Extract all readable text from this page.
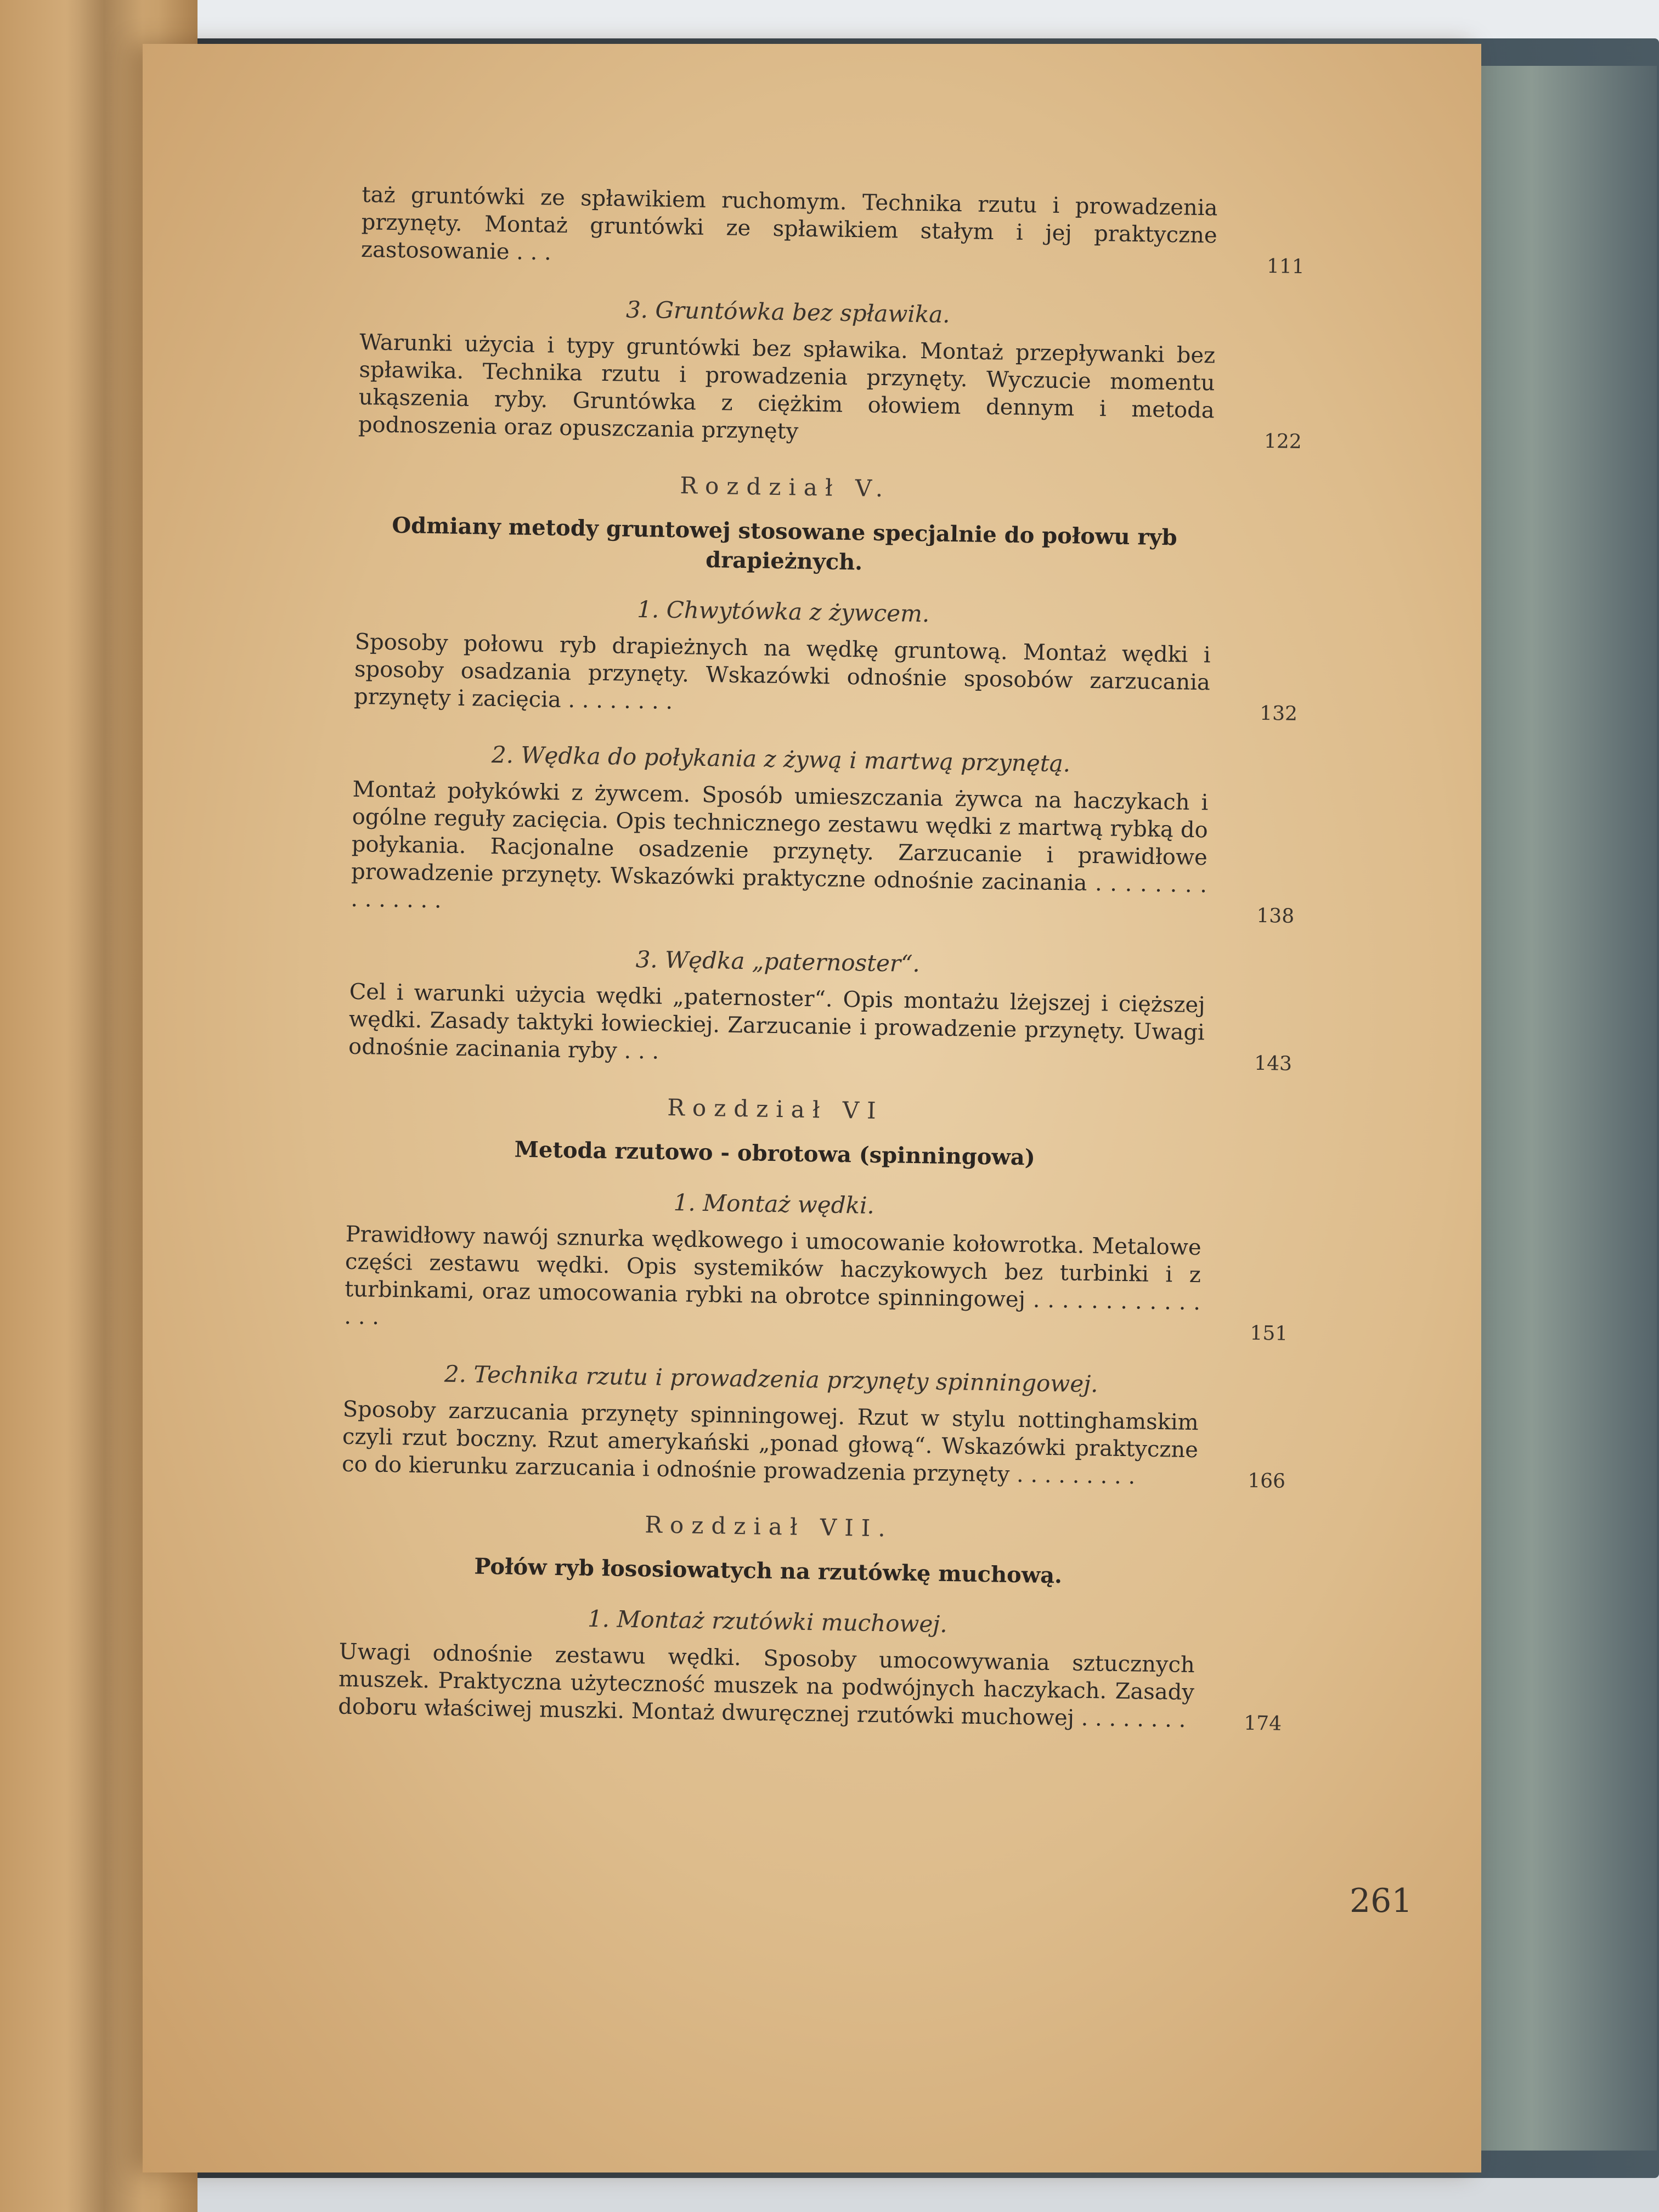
taż gruntówki ze spławikiem ruchomym. Technika rzutu i prowadzenia przynęty. Montaż gruntówki ze spławikiem stałym i jej praktyczne zastosowanie . . .
111
3. Gruntówka bez spławika.
Warunki użycia i typy gruntówki bez spławika. Montaż przepływanki bez spławika. Technika rzutu i prowadzenia przynęty. Wyczucie momentu ukąszenia ryby. Gruntówka z ciężkim ołowiem dennym i metoda podnoszenia oraz opuszczania przynęty	122
Rozdział V.
Odmiany metody gruntowej stosowane specjalnie do połowu ryb drapieżnych.
1. Chwytówka z żywcem.
Sposoby połowu ryb drapieżnych na wędkę gruntową. Montaż wędki i sposoby osadzania przynęty. Wskazówki odnośnie sposobów zarzucania przynęty i zacięcia . . . . . . . .	132
2. Wędka do połykania z żywą i martwą przynętą.
Montaż połykówki z żywcem. Sposób umieszczania żywca na haczykach i ogólne reguły zacięcia. Opis technicznego zestawu wędki z martwą rybką do połykania. Racjonalne osadzenie przynęty. Zarzucanie i prawidłowe prowadzenie przynęty. Wskazówki praktyczne odnośnie zacinania . . . . . . . . . . . . . . .
138
3. Wędka „paternoster“.
Cel i warunki użycia wędki „paternoster“. Opis montażu lżejszej i cięższej wędki. Zasady taktyki łowieckiej. Zarzucanie i prowadzenie przynęty. Uwagi odnośnie zacinania ryby . . .	143
Rozdział VI
Metoda rzutowo - obrotowa (spinningowa)
1. Montaż wędki.
Prawidłowy nawój sznurka wędkowego i umocowanie kołowrotka. Metalowe części zestawu wędki. Opis systemików haczykowych bez turbinki i z turbinkami, oraz umocowania rybki na obrotce spinningowej . . . . . . . . . . . . . . .
151
2. Technika rzutu i prowadzenia przynęty spinningowej.
Sposoby zarzucania przynęty spinningowej. Rzut w stylu nottinghamskim czyli rzut boczny. Rzut amerykański „ponad głową“. Wskazówki praktyczne co do kierunku zarzucania i odnośnie prowadzenia przynęty . . . . . . . . .	166
Rozdział VII.
Połów ryb łososiowatych na rzutówkę muchową.
1. Montaż rzutówki muchowej.
Uwagi odnośnie zestawu wędki. Sposoby umocowywania sztucznych muszek. Praktyczna użyteczność muszek na podwójnych haczykach. Zasady doboru właściwej muszki. Montaż dwuręcznej rzutówki muchowej . . . . . . . .	174
261
